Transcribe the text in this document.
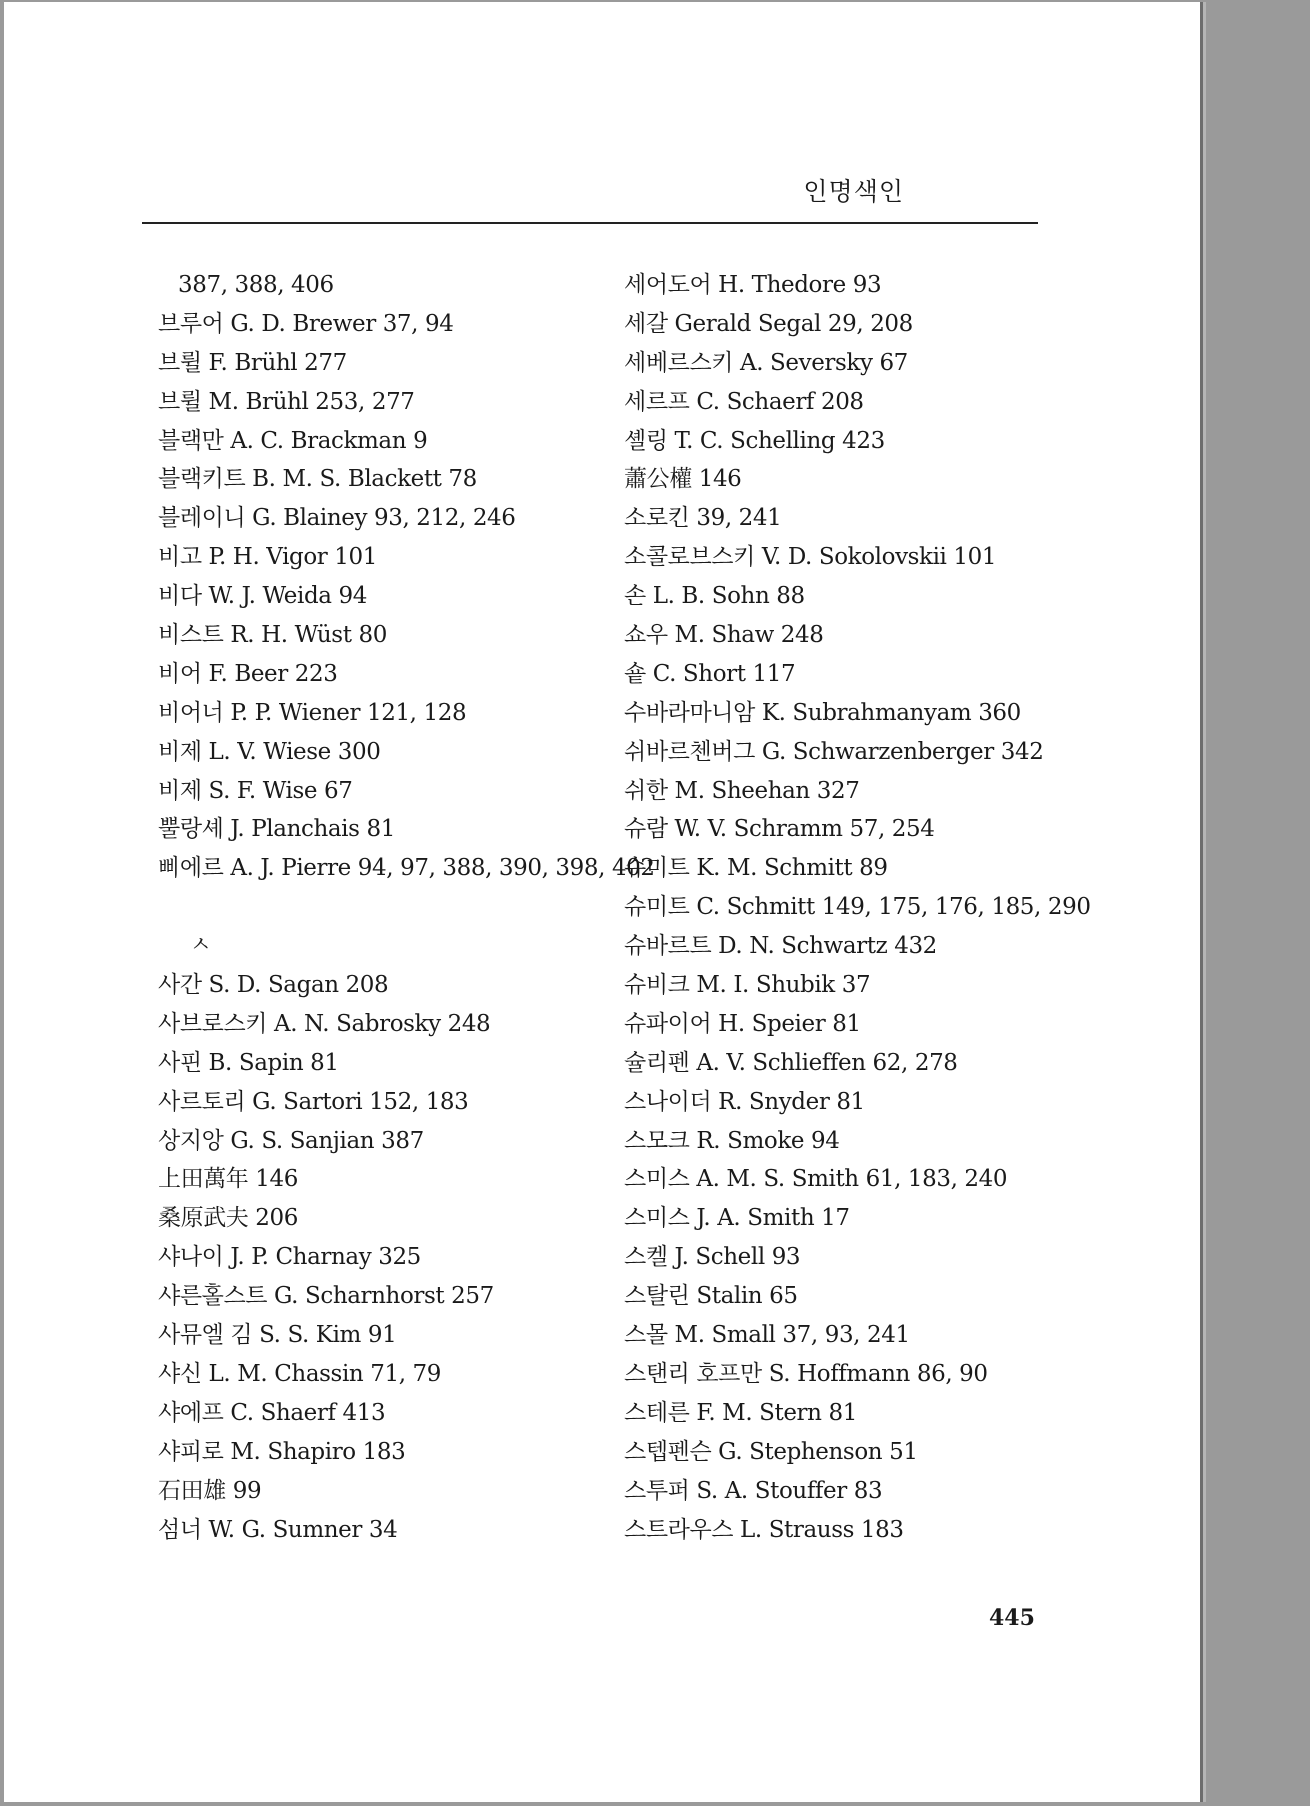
인명색인
387, 388, 406
브루어 G. D. Brewer 37, 94
브륄 F. Brühl 277
브륄 M. Brühl 253, 277
블랙만 A. C. Brackman 9
블랙키트 B. M. S. Blackett 78
블레이니 G. Blainey 93, 212, 246
비고 P. H. Vigor 101
비다 W. J. Weida 94
비스트 R. H. Wüst 80
비어 F. Beer 223
비어너 P. P. Wiener 121, 128
비제 L. V. Wiese 300
비제 S. F. Wise 67
뿔랑셰 J. Planchais 81
삐에르 A. J. Pierre 94, 97, 388, 390, 398, 402
ㅅ
사간 S. D. Sagan 208
사브로스키 A. N. Sabrosky 248
사핀 B. Sapin 81
사르토리 G. Sartori 152, 183
상지앙 G. S. Sanjian 387
上田萬年 146
桑原武夫 206
샤나이 J. P. Charnay 325
샤른홀스트 G. Scharnhorst 257
사뮤엘 김 S. S. Kim 91
샤신 L. M. Chassin 71, 79
샤에프 C. Shaerf 413
샤피로 M. Shapiro 183
石田雄 99
섬너 W. G. Sumner 34
세어도어 H. Thedore 93
세갈 Gerald Segal 29, 208
세베르스키 A. Seversky 67
세르프 C. Schaerf 208
셸링 T. C. Schelling 423
蕭公權 146
소로킨 39, 241
소콜로브스키 V. D. Sokolovskii 101
손 L. B. Sohn 88
쇼우 M. Shaw 248
숕 C. Short 117
수바라마니암 K. Subrahmanyam 360
쉬바르첸버그 G. Schwarzenberger 342
쉬한 M. Sheehan 327
슈람 W. V. Schramm 57, 254
슈미트 K. M. Schmitt 89
슈미트 C. Schmitt 149, 175, 176, 185, 290
슈바르트 D. N. Schwartz 432
슈비크 M. I. Shubik 37
슈파이어 H. Speier 81
슐리펜 A. V. Schlieffen 62, 278
스나이더 R. Snyder 81
스모크 R. Smoke 94
스미스 A. M. S. Smith 61, 183, 240
스미스 J. A. Smith 17
스켈 J. Schell 93
스탈린 Stalin 65
스몰 M. Small 37, 93, 241
스탠리 호프만 S. Hoffmann 86, 90
스테른 F. M. Stern 81
스텝펜슨 G. Stephenson 51
스투퍼 S. A. Stouffer 83
스트라우스 L. Strauss 183
445
